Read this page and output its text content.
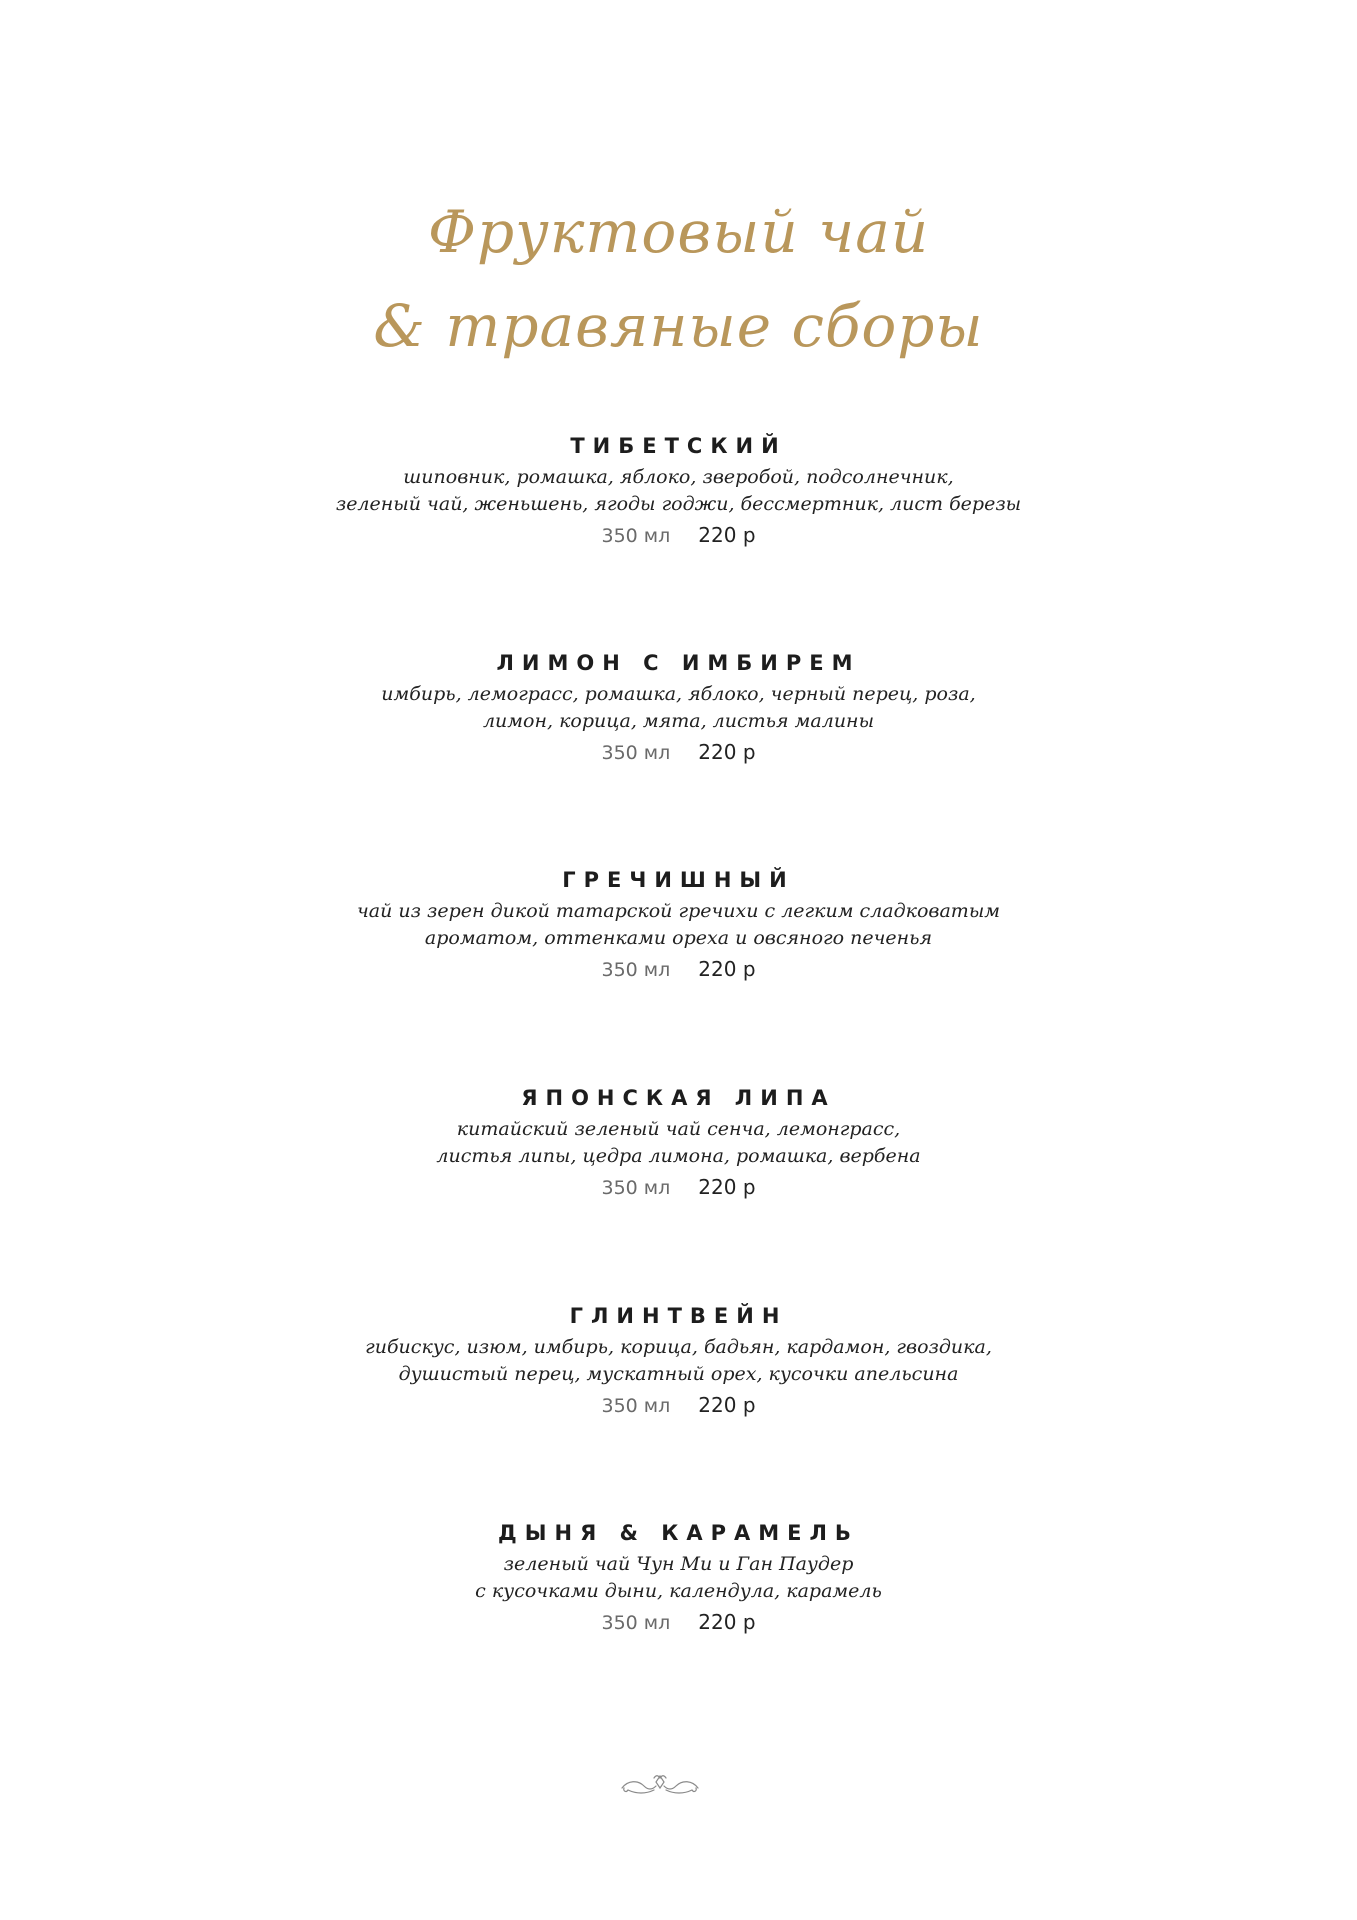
Фруктовый чай
& травяные сборы
ТИБЕТСКИЙ
шиповник, ромашка, яблоко, зверобой, подсолнечник,
зеленый чай, женьшень, ягоды годжи, бессмертник, лист березы
350 мл 220 р
ЛИМОН С ИМБИРЕМ
имбирь, лемограсс, ромашка, яблоко, черный перец, роза,
лимон, корица, мята, листья малины
350 мл 220 р
ГРЕЧИШНЫЙ
чай из зерен дикой татарской гречихи с легким сладковатым
ароматом, оттенками ореха и овсяного печенья
350 мл 220 р
ЯПОНСКАЯ ЛИПА
китайский зеленый чай сенча, лемонграсс,
листья липы, цедра лимона, ромашка, вербена
350 мл 220 р
ГЛИНТВЕЙН
гибискус, изюм, имбирь, корица, бадьян, кардамон, гвоздика,
душистый перец, мускатный орех, кусочки апельсина
350 мл 220 р
ДЫНЯ & КАРАМЕЛЬ
зеленый чай Чун Ми и Ган Паудер
с кусочками дыни, календула, карамель
350 мл 220 р
